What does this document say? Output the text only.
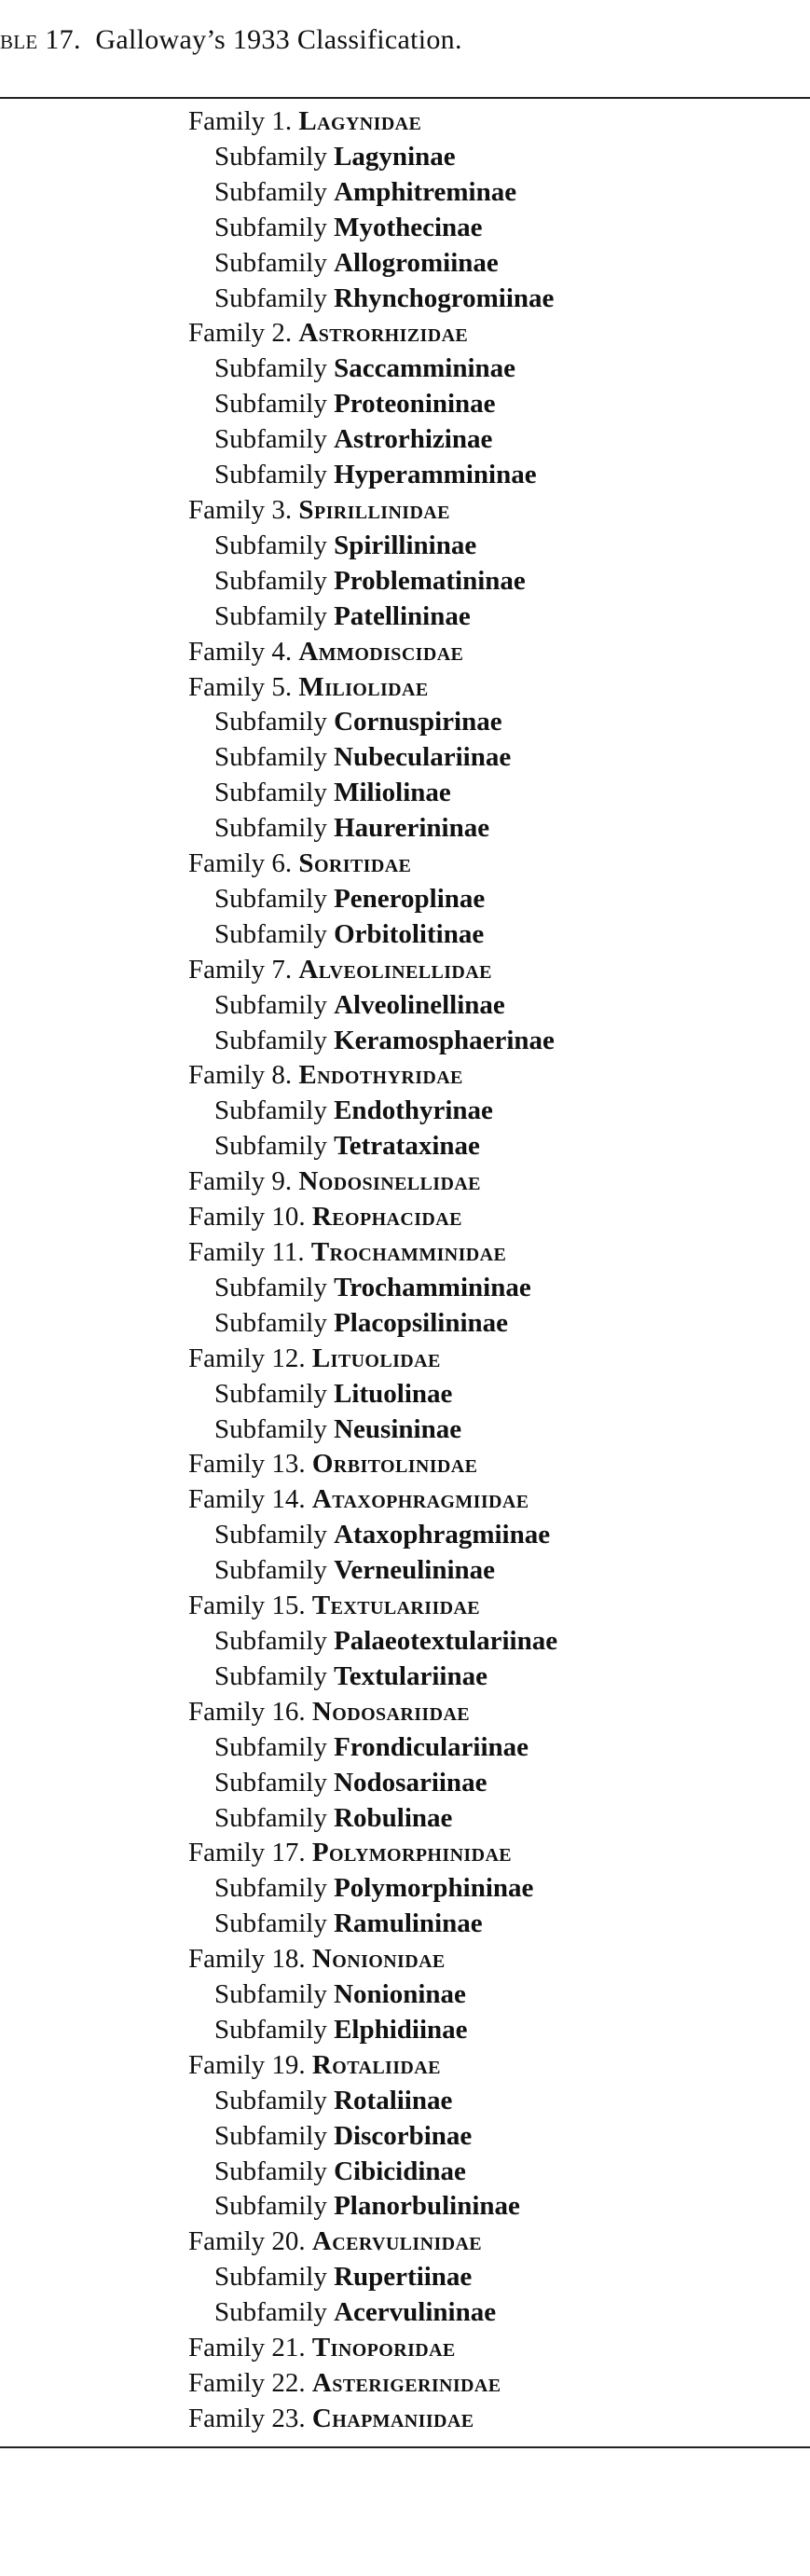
ble 17. Galloway’s 1933 Classification.
Family 1. Lagynidae
Subfamily Lagyninae
Subfamily Amphitreminae
Subfamily Myothecinae
Subfamily Allogromiinae
Subfamily Rhynchogromiinae
Family 2. Astrorhizidae
Subfamily Saccammininae
Subfamily Proteonininae
Subfamily Astrorhizinae
Subfamily Hyperammininae
Family 3. Spirillinidae
Subfamily Spirillininae
Subfamily Problematininae
Subfamily Patellininae
Family 4. Ammodiscidae
Family 5. Miliolidae
Subfamily Cornuspirinae
Subfamily Nubeculariinae
Subfamily Miliolinae
Subfamily Haurerininae
Family 6. Soritidae
Subfamily Peneroplinae
Subfamily Orbitolitinae
Family 7. Alveolinellidae
Subfamily Alveolinellinae
Subfamily Keramosphaerinae
Family 8. Endothyridae
Subfamily Endothyrinae
Subfamily Tetrataxinae
Family 9. Nodosinellidae
Family 10. Reophacidae
Family 11. Trochamminidae
Subfamily Trochammininae
Subfamily Placopsilininae
Family 12. Lituolidae
Subfamily Lituolinae
Subfamily Neusininae
Family 13. Orbitolinidae
Family 14. Ataxophragmiidae
Subfamily Ataxophragmiinae
Subfamily Verneulininae
Family 15. Textulariidae
Subfamily Palaeotextulariinae
Subfamily Textulariinae
Family 16. Nodosariidae
Subfamily Frondiculariinae
Subfamily Nodosariinae
Subfamily Robulinae
Family 17. Polymorphinidae
Subfamily Polymorphininae
Subfamily Ramulininae
Family 18. Nonionidae
Subfamily Nonioninae
Subfamily Elphidiinae
Family 19. Rotaliidae
Subfamily Rotaliinae
Subfamily Discorbinae
Subfamily Cibicidinae
Subfamily Planorbulininae
Family 20. Acervulinidae
Subfamily Rupertiinae
Subfamily Acervulininae
Family 21. Tinoporidae
Family 22. Asterigerinidae
Family 23. Chapmaniidae
